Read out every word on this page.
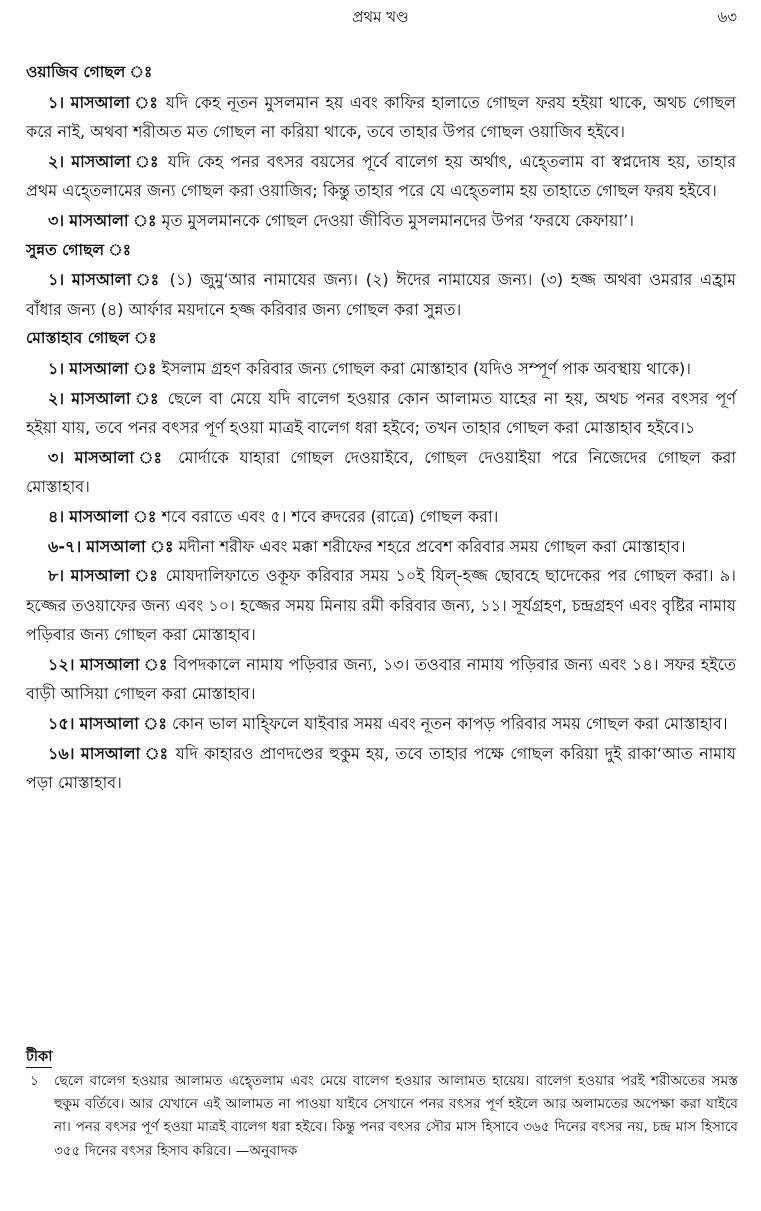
প্রথম খণ্ড	৬৩

ওয়াজিব গোছল ঃ

১। মাসআলা ঃ যদি কেহ নূতন মুসলমান হয় এবং কাফির হালাতে গোছল ফরয হইয়া থাকে, অথচ গোছল করে নাই, অথবা শরীঅত মত গোছল না করিয়া থাকে, তবে তাহার উপর গোছল ওয়াজিব হইবে।

২। মাসআলা ঃ যদি কেহ পনর বৎসর বয়সের পূর্বে বালেগ হয় অর্থাৎ, এহ্তেলাম বা স্বপ্নদোষ হয়, তাহার প্রথম এহ্তেলামের জন্য গোছল করা ওয়াজিব; কিন্তু তাহার পরে যে এহ্তেলাম হয় তাহাতে গোছল ফরয হইবে।

৩। মাসআলা ঃ মৃত মুসলমানকে গোছল দেওয়া জীবিত মুসলমানদের উপর ‘ফরযে কেফায়া’।

সুন্নত গোছল ঃ

১। মাসআলা ঃ (১) জুমু‘আর নামাযের জন্য। (২) ঈদের নামাযের জন্য। (৩) হজ্জ অথবা ওমরার এহ্রাম বাঁধার জন্য (৪) আর্ফার ময়দানে হজ্জ করিবার জন্য গোছল করা সুন্নত।

মোস্তাহাব গোছল ঃ

১। মাসআলা ঃ ইসলাম গ্রহণ করিবার জন্য গোছল করা মোস্তাহাব (যদিও সম্পূর্ণ পাক অবস্থায় থাকে)।

২। মাসআলা ঃ ছেলে বা মেয়ে যদি বালেগ হওয়ার কোন আলামত যাহের না হয়, অথচ পনর বৎসর পূর্ণ হইয়া যায়, তবে পনর বৎসর পূর্ণ হওয়া মাত্রই বালেগ ধরা হইবে; তখন তাহার গোছল করা মোস্তাহাব হইবে।১

৩। মাসআলা ঃ মোর্দাকে যাহারা গোছল দেওয়াইবে, গোছল দেওয়াইয়া পরে নিজেদের গোছল করা মোস্তাহাব।

৪। মাসআলা ঃ শবে বরাতে এবং ৫। শবে ক্বদরের (রাত্রে) গোছল করা।

৬-৭। মাসআলা ঃ মদীনা শরীফ এবং মক্কা শরীফের শহরে প্রবেশ করিবার সময় গোছল করা মোস্তাহাব।

৮। মাসআলা ঃ মোযদালিফাতে ওকূফ করিবার সময় ১০ই যিল্-হজ্জ ছোবহে ছাদেকের পর গোছল করা। ৯। হজ্জের তওয়াফের জন্য এবং ১০। হজ্জের সময় মিনায় রমী করিবার জন্য, ১১। সূর্যগ্রহণ, চন্দ্রগ্রহণ এবং বৃষ্টির নামায পড়িবার জন্য গোছল করা মোস্তাহাব।

১২। মাসআলা ঃ বিপদকালে নামায পড়িবার জন্য, ১৩। তওবার নামায পড়িবার জন্য এবং ১৪। সফর হইতে বাড়ী আসিয়া গোছল করা মোস্তাহাব।

১৫। মাসআলা ঃ কোন ভাল মাহ্ফিলে যাইবার সময় এবং নূতন কাপড় পরিবার সময় গোছল করা মোস্তাহাব।

১৬। মাসআলা ঃ যদি কাহারও প্রাণদণ্ডের হুকুম হয়, তবে তাহার পক্ষে গোছল করিয়া দুই রাকা‘আত নামায পড়া মোস্তাহাব।

টীকা

১ ছেলে বালেগ হওয়ার আলামত এহ্তেলাম এবং মেয়ে বালেগ হওয়ার আলামত হায়েয। বালেগ হওয়ার পরই শরীঅতের সমস্ত হুকুম বর্তিবে। আর যেখানে এই আলামত না পাওয়া যাইবে সেখানে পনর বৎসর পূর্ণ হইলে আর অলামতের অপেক্ষা করা যাইবে না। পনর বৎসর পূর্ণ হওয়া মাত্রই বালেগ ধরা হইবে। কিন্তু পনর বৎসর সৌর মাস হিসাবে ৩৬৫ দিনের বৎসর নয়, চন্দ্র মাস হিসাবে ৩৫৫ দিনের বৎসর হিসাব করিবে। —অনুবাদক
